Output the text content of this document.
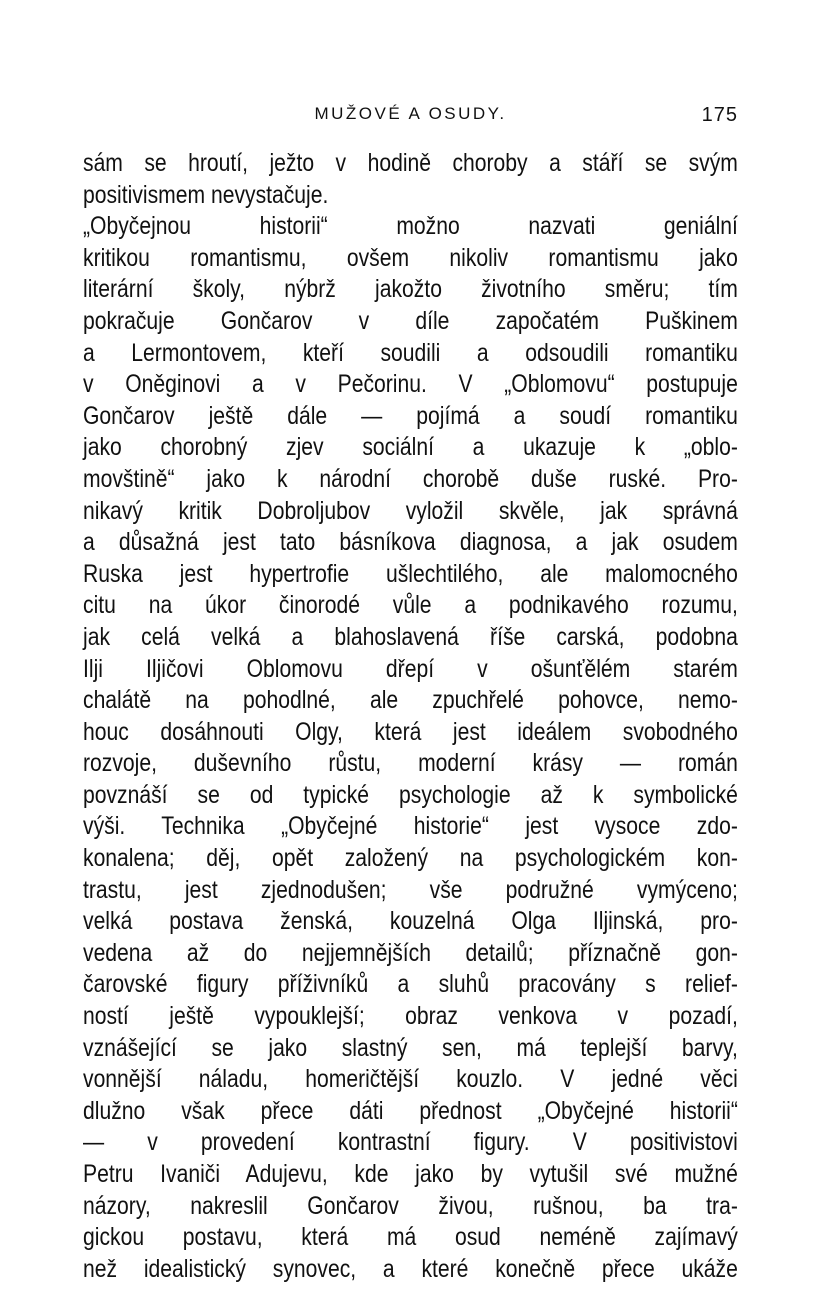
MUŽOVÉ A OSUDY.	175
sám se hroutí, ježto v hodině choroby a stáří se svým
positivismem nevystačuje.
„Obyčejnou historii“ možno nazvati geniální
kritikou romantismu, ovšem nikoliv romantismu jako
literární školy, nýbrž jakožto životního směru; tím
pokračuje Gončarov v díle započatém Puškinem
a Lermontovem, kteří soudili a odsoudili romantiku
v Oněginovi a v Pečorinu. V „Oblomovu“ postupuje
Gončarov ještě dále — pojímá a soudí romantiku
jako chorobný zjev sociální a ukazuje k „oblo-
movštině“ jako k národní chorobě duše ruské. Pro-
nikavý kritik Dobroljubov vyložil skvěle, jak správná
a důsažná jest tato básníkova diagnosa, a jak osudem
Ruska jest hypertrofie ušlechtilého, ale malomocného
citu na úkor činorodé vůle a podnikavého rozumu,
jak celá velká a blahoslavená říše carská, podobna
Ilji Iljičovi Oblomovu dřepí v ošunťělém starém
chalátě na pohodlné, ale zpuchřelé pohovce, nemo-
houc dosáhnouti Olgy, která jest ideálem svobodného
rozvoje, duševního růstu, moderní krásy — román
povznáší se od typické psychologie až k symbolické
výši. Technika „Obyčejné historie“ jest vysoce zdo-
konalena; děj, opět založený na psychologickém kon-
trastu, jest zjednodušen; vše podružné vymýceno;
velká postava ženská, kouzelná Olga Iljinská, pro-
vedena až do nejjemnějších detailů; příznačně gon-
čarovské figury příživníků a sluhů pracovány s relief-
ností ještě vypouklejší; obraz venkova v pozadí,
vznášející se jako slastný sen, má teplejší barvy,
vonnější náladu, homeričtější kouzlo. V jedné věci
dlužno však přece dáti přednost „Obyčejné historii“
— v provedení kontrastní figury. V positivistovi
Petru Ivaniči Adujevu, kde jako by vytušil své mužné
názory, nakreslil Gončarov živou, rušnou, ba tra-
gickou postavu, která má osud neméně zajímavý
než idealistický synovec, a které konečně přece ukáže
